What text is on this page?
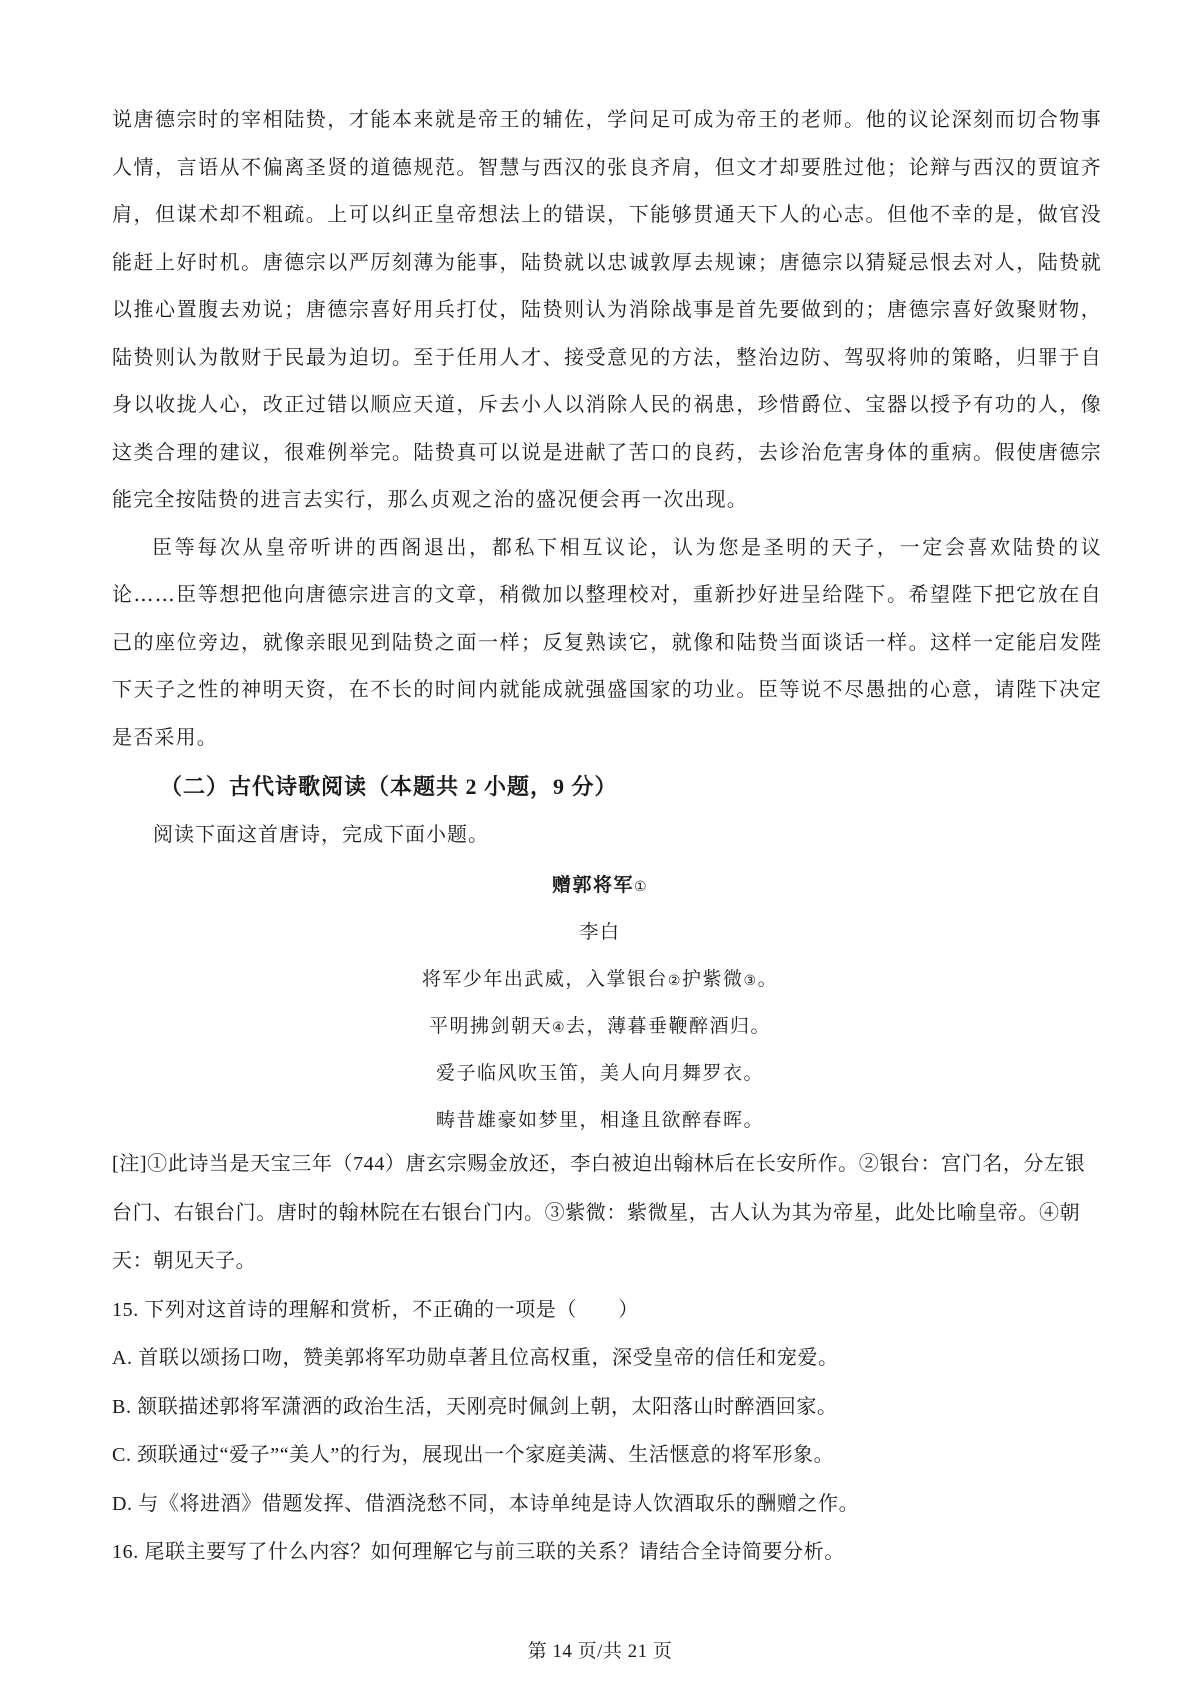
说唐德宗时的宰相陆贽，才能本来就是帝王的辅佐，学问足可成为帝王的老师。他的议论深刻而切合物事人情，言语从不偏离圣贤的道德规范。智慧与西汉的张良齐肩，但文才却要胜过他；论辩与西汉的贾谊齐肩，但谋术却不粗疏。上可以纠正皇帝想法上的错误，下能够贯通天下人的心志。但他不幸的是，做官没能赶上好时机。唐德宗以严厉刻薄为能事，陆贽就以忠诚敦厚去规谏；唐德宗以猜疑忌恨去对人，陆贽就以推心置腹去劝说；唐德宗喜好用兵打仗，陆贽则认为消除战事是首先要做到的；唐德宗喜好敛聚财物，陆贽则认为散财于民最为迫切。至于任用人才、接受意见的方法，整治边防、驾驭将帅的策略，归罪于自身以收拢人心，改正过错以顺应天道，斥去小人以消除人民的祸患，珍惜爵位、宝器以授予有功的人，像这类合理的建议，很难例举完。陆贽真可以说是进献了苦口的良药，去诊治危害身体的重病。假使唐德宗能完全按陆贽的进言去实行，那么贞观之治的盛况便会再一次出现。

臣等每次从皇帝听讲的西阁退出，都私下相互议论，认为您是圣明的天子，一定会喜欢陆贽的议论……臣等想把他向唐德宗进言的文章，稍微加以整理校对，重新抄好进呈给陛下。希望陛下把它放在自己的座位旁边，就像亲眼见到陆贽之面一样；反复熟读它，就像和陆贽当面谈话一样。这样一定能启发陛下天子之性的神明天资，在不长的时间内就能成就强盛国家的功业。臣等说不尽愚拙的心意，请陛下决定是否采用。

（二）古代诗歌阅读（本题共 2 小题，9 分）
阅读下面这首唐诗，完成下面小题。
赠郭将军①
李白
将军少年出武威，入掌银台②护紫微③。
平明拂剑朝天④去，薄暮垂鞭醉酒归。
爱子临风吹玉笛，美人向月舞罗衣。
畴昔雄豪如梦里，相逢且欲醉春晖。

[注]①此诗当是天宝三年（744）唐玄宗赐金放还，李白被迫出翰林后在长安所作。②银台：宫门名，分左银台门、右银台门。唐时的翰林院在右银台门内。③紫微：紫微星，古人认为其为帝星，此处比喻皇帝。④朝天：朝见天子。

15. 下列对这首诗的理解和赏析，不正确的一项是（　　）

A. 首联以颂扬口吻，赞美郭将军功勋卓著且位高权重，深受皇帝的信任和宠爱。

B. 颔联描述郭将军潇洒的政治生活，天刚亮时佩剑上朝，太阳落山时醉酒回家。

C. 颈联通过“爱子”“美人”的行为，展现出一个家庭美满、生活惬意的将军形象。

D. 与《将进酒》借题发挥、借酒浇愁不同，本诗单纯是诗人饮酒取乐的酬赠之作。

16. 尾联主要写了什么内容？如何理解它与前三联的关系？请结合全诗简要分析。

第 14 页/共 21 页
